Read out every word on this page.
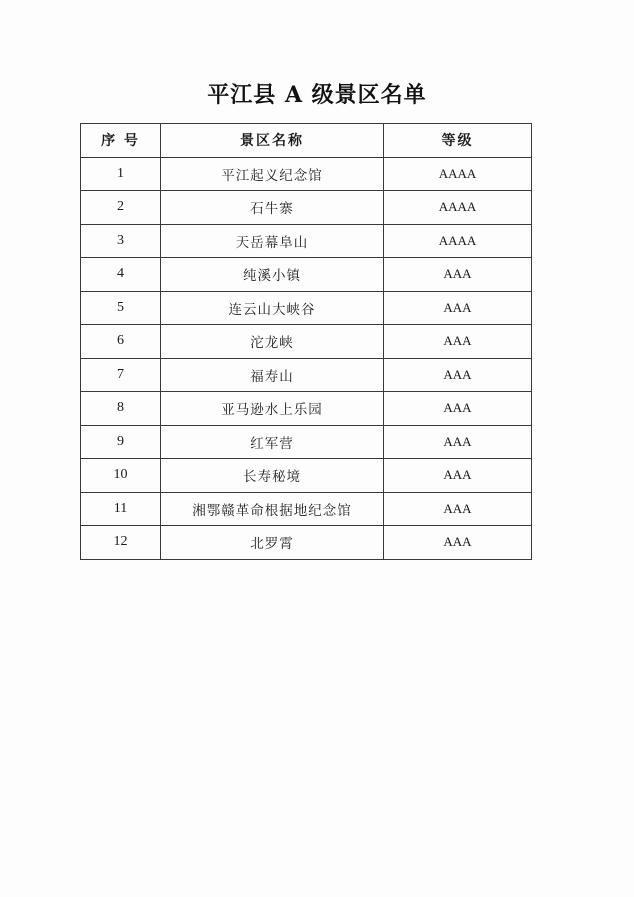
平江县 A 级景区名单
序 号	景区名称	等级
1	平江起义纪念馆	AAAA
2	石牛寨	AAAA
3	天岳幕阜山	AAAA
4	纯溪小镇	AAA
5	连云山大峡谷	AAA
6	沱龙峡	AAA
7	福寿山	AAA
8	亚马逊水上乐园	AAA
9	红军营	AAA
10	长寿秘境	AAA
11	湘鄂赣革命根据地纪念馆	AAA
12	北罗霄	AAA
